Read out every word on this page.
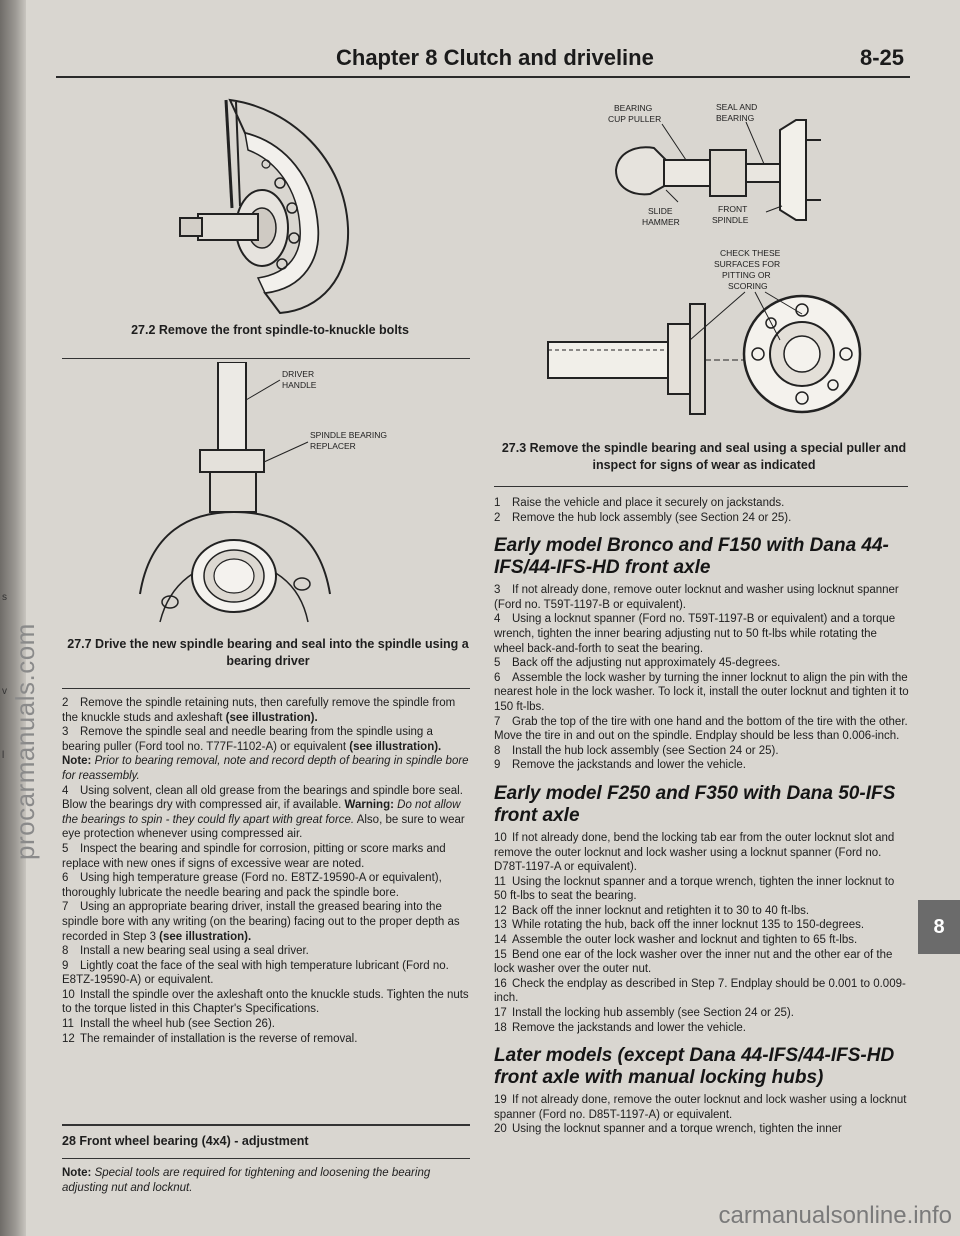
procarmanuals.com
s
v
l
Chapter 8 Clutch and driveline	8-25
27.2 Remove the front spindle-to-knuckle bolts
DRIVER
HANDLE
SPINDLE BEARING
REPLACER
27.7 Drive the new spindle bearing and seal into the spindle using a bearing driver

2 Remove the spindle retaining nuts, then carefully remove the spindle from the knuckle studs and axleshaft (see illustration).

3 Remove the spindle seal and needle bearing from the spindle using a bearing puller (Ford tool no. T77F-1102-A) or equivalent (see illustration). Note: Prior to bearing removal, note and record depth of bearing in spindle bore for reassembly.

4 Using solvent, clean all old grease from the bearings and spindle bore seal. Blow the bearings dry with compressed air, if available. Warning: Do not allow the bearings to spin - they could fly apart with great force. Also, be sure to wear eye protection whenever using compressed air.

5 Inspect the bearing and spindle for corrosion, pitting or score marks and replace with new ones if signs of excessive wear are noted.

6 Using high temperature grease (Ford no. E8TZ-19590-A or equivalent), thoroughly lubricate the needle bearing and pack the spindle bore.

7 Using an appropriate bearing driver, install the greased bearing into the spindle bore with any writing (on the bearing) facing out to the proper depth as recorded in Step 3 (see illustration).

8 Install a new bearing seal using a seal driver.

9 Lightly coat the face of the seal with high temperature lubricant (Ford no. E8TZ-19590-A) or equivalent.

10 Install the spindle over the axleshaft onto the knuckle studs. Tighten the nuts to the torque listed in this Chapter's Specifications.

11 Install the wheel hub (see Section 26).

12 The remainder of installation is the reverse of removal.

28 Front wheel bearing (4x4) - adjustment

Note: Special tools are required for tightening and loosening the bearing adjusting nut and locknut.

BEARING
CUP PULLER
SEAL AND
BEARING
SLIDE
HAMMER
FRONT
SPINDLE
CHECK THESE
SURFACES FOR
PITTING OR
SCORING
27.3 Remove the spindle bearing and seal using a special puller and inspect for signs of wear as indicated

1 Raise the vehicle and place it securely on jackstands.

2 Remove the hub lock assembly (see Section 24 or 25).

Early model Bronco and F150 with Dana 44-IFS/44-IFS-HD front axle

3 If not already done, remove outer locknut and washer using locknut spanner (Ford no. T59T-1197-B or equivalent).

4 Using a locknut spanner (Ford no. T59T-1197-B or equivalent) and a torque wrench, tighten the inner bearing adjusting nut to 50 ft-lbs while rotating the wheel back-and-forth to seat the bearing.

5 Back off the adjusting nut approximately 45-degrees.

6 Assemble the lock washer by turning the inner locknut to align the pin with the nearest hole in the lock washer. To lock it, install the outer locknut and tighten it to 150 ft-lbs.

7 Grab the top of the tire with one hand and the bottom of the tire with the other. Move the tire in and out on the spindle. Endplay should be less than 0.006-inch.

8 Install the hub lock assembly (see Section 24 or 25).

9 Remove the jackstands and lower the vehicle.

Early model F250 and F350 with Dana 50-IFS front axle

10 If not already done, bend the locking tab ear from the outer locknut slot and remove the outer locknut and lock washer using a locknut spanner (Ford no. D78T-1197-A or equivalent).

11 Using the locknut spanner and a torque wrench, tighten the inner locknut to 50 ft-lbs to seat the bearing.

12 Back off the inner locknut and retighten it to 30 to 40 ft-lbs.

13 While rotating the hub, back off the inner locknut 135 to 150-degrees.

14 Assemble the outer lock washer and locknut and tighten to 65 ft-lbs.

15 Bend one ear of the lock washer over the inner nut and the other ear of the lock washer over the outer nut.

16 Check the endplay as described in Step 7. Endplay should be 0.001 to 0.009-inch.

17 Install the locking hub assembly (see Section 24 or 25).

18 Remove the jackstands and lower the vehicle.

Later models (except Dana 44-IFS/44-IFS-HD front axle with manual locking hubs)

19 If not already done, remove the outer locknut and lock washer using a locknut spanner (Ford no. D85T-1197-A) or equivalent.

20 Using the locknut spanner and a torque wrench, tighten the inner

8
carmanualsonline.info
